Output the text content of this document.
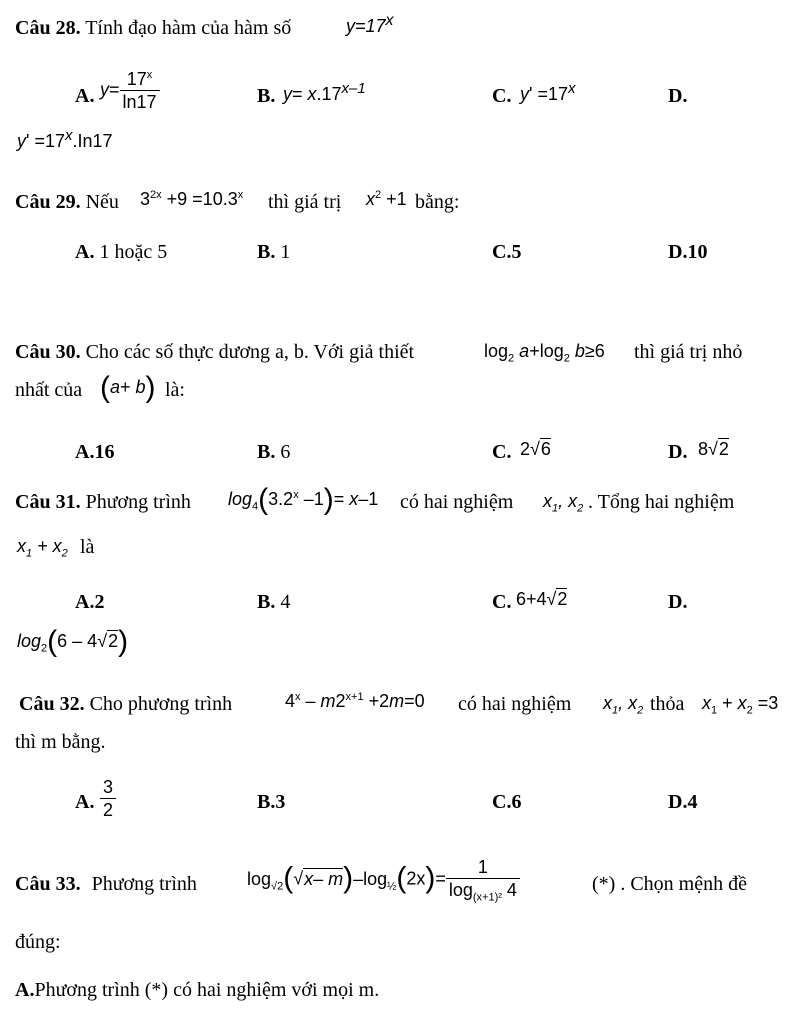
Câu 28. Tính đạo hàm của hàm số	$y=17^x$
A. $y= \frac{17^x}{\ln 17}$	B. $y= x.17^{x-1}$	C. $y' =17^x$	D.
$y' =17^x.In17$
Câu 29. Nếu $3^{2x} +9 =10.3^x$ thì giá trị $x^2 +1$ bằng:
A. 1 hoặc 5	B. 1	C.5	D.10
Câu 30. Cho các số thực dương a, b. Với giả thiết	$\log_2 a+\log_2$ b≥6 thì giá trị nhỏ
nhất của (a+ b) là:
A.16	B. 6	C. 2√6	D. 8√2
Câu 31. Phương trình $\log_4(3.2^x$ –1)= x–1 có hai nghiệm $x_1$, $x_2$ . Tổng hai nghiệm
$x_1 + x_2$ là
A.2	B. 4	C. 6+4√2	D.
$\log_2(6 - 4√2)$
Câu 32. Cho phương trình	$4^x - m2^{x+1} +2m=0$ có hai nghiệm $x_1$, $x_2$ thỏa $x_1 + x_2 =3$
thì m bằng.
A. $\frac{3}{2}$	B.3	C.6	D.4
Câu 33. Phương trình	$\log_{√2}(√x-$ $m)-\log_{\frac{1}{2}}(2x)= \frac{1}{\log_{(x+1)^2} 4}$	(*) . Chọn mệnh đề
đúng:
A.Phương trình (*) có hai nghiệm với mọi m.
